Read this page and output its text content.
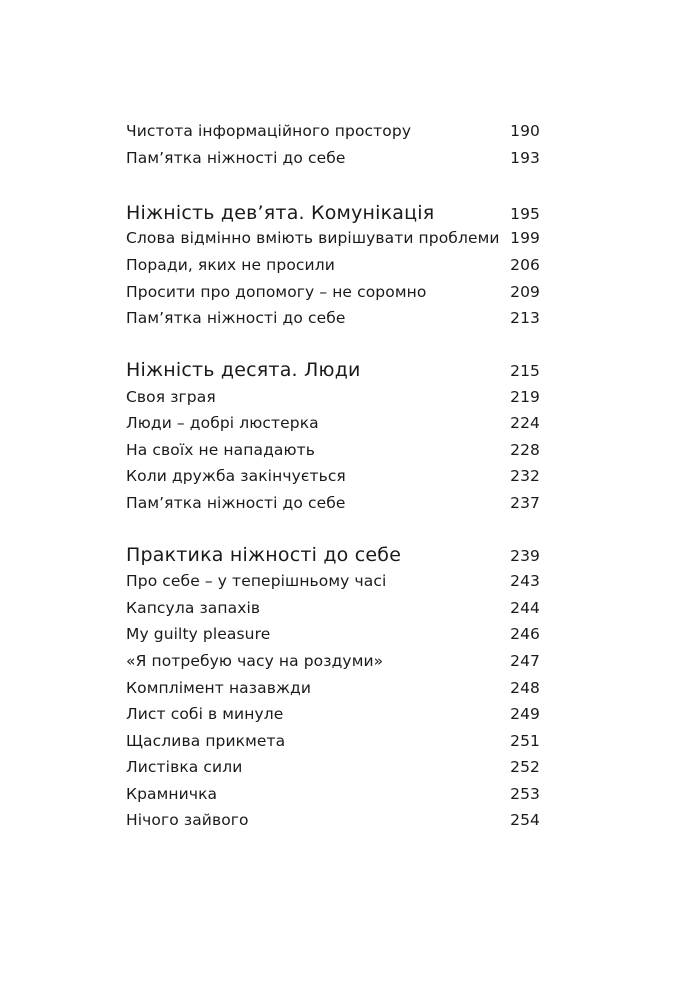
Чистота інформаційного простору	190
Пам’ятка ніжності до себе	193
Ніжність дев’ята. Комунікація	195
Слова відмінно вміють вирішувати проблеми 199
Поради, яких не просили	206
Просити про допомогу – не соромно	209
Пам’ятка ніжності до себе	213
Ніжність десята. Люди	215
Своя зграя	219
Люди – добрі люстерка	224
На своїх не нападають	228
Коли дружба закінчується	232
Пам’ятка ніжності до себе	237
Практика ніжності до себе	239
Про себе – у теперішньому часі	243
Капсула запахів	244
My guilty pleasure	246
«Я потребую часу на роздуми»	247
Комплімент назавжди	248
Лист собі в минуле	249
Щаслива прикмета	251
Листівка сили	252
Крамничка	253
Нічого зайвого	254
